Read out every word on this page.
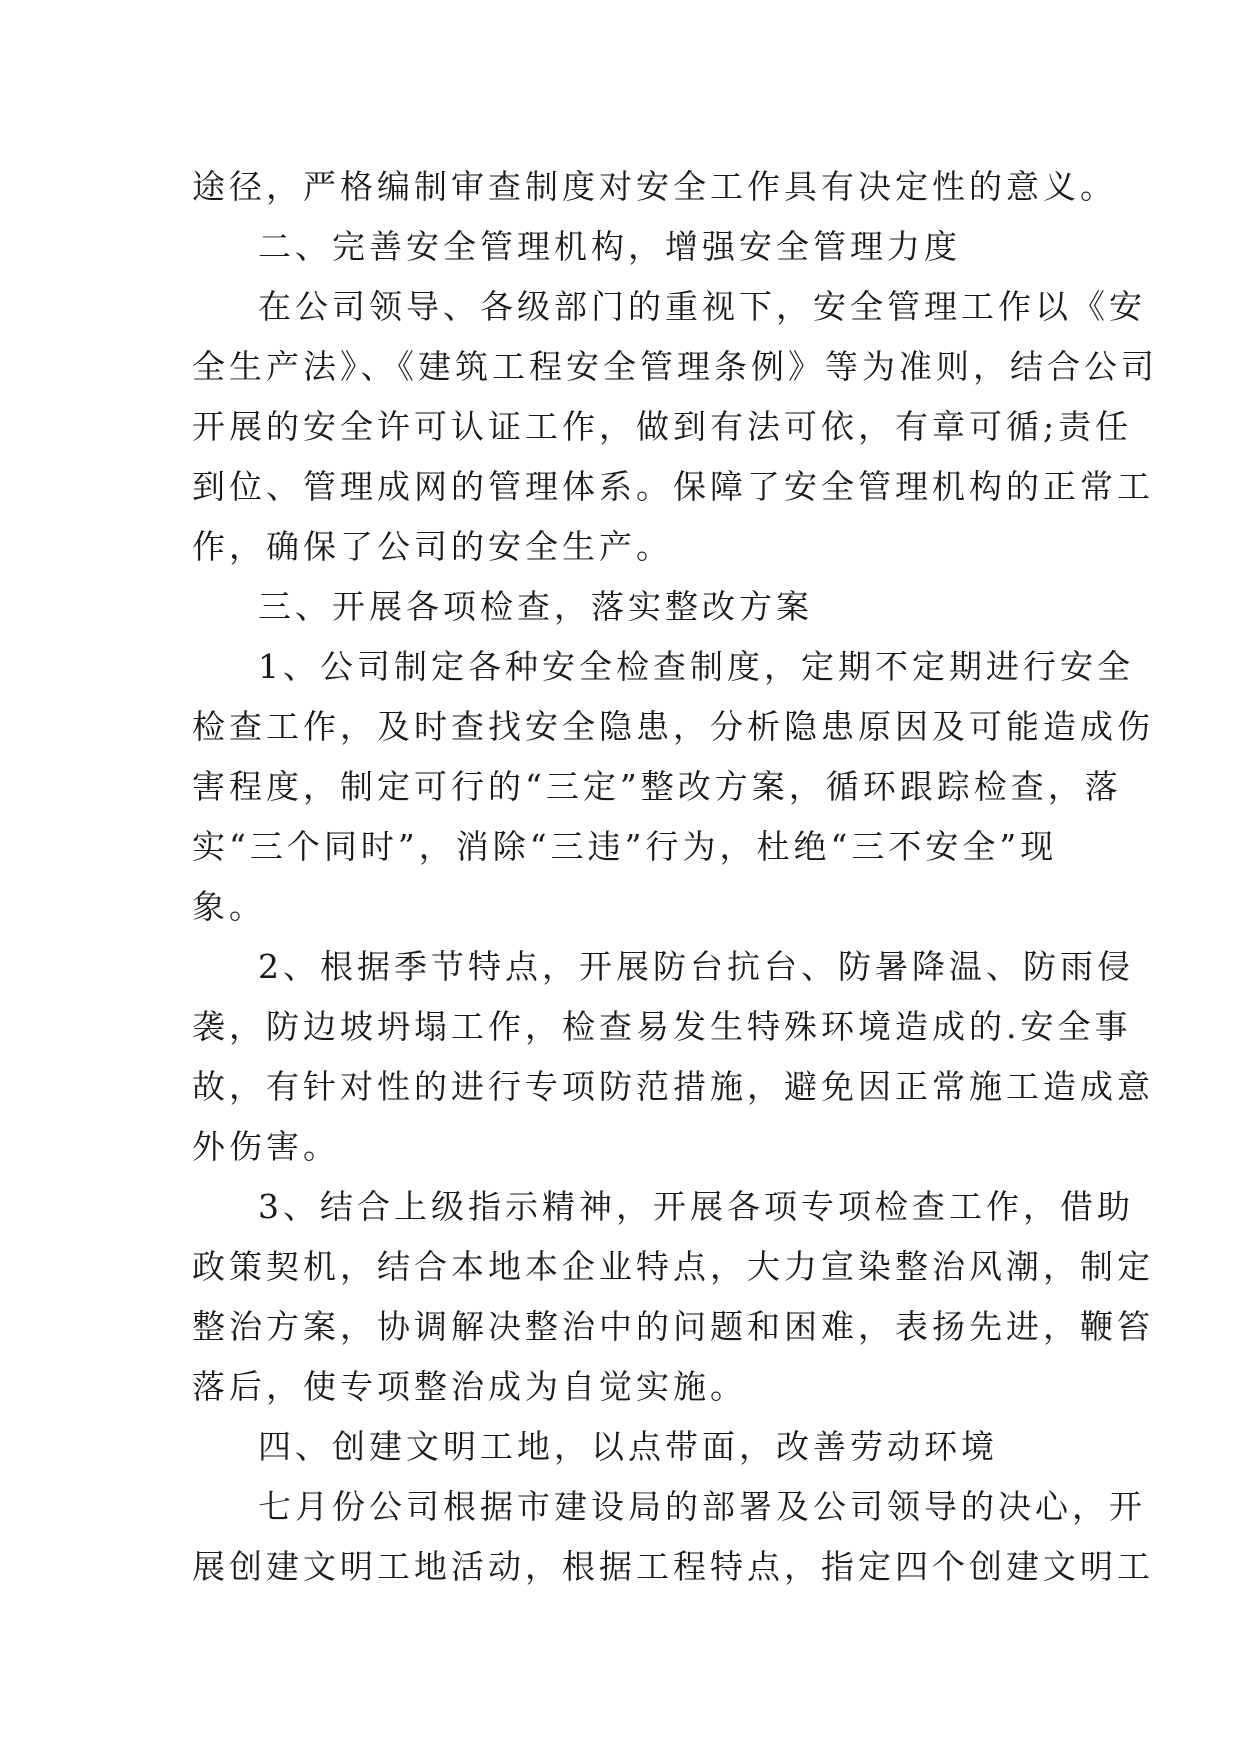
途径，严格编制审查制度对安全工作具有决定性的意义。
二、完善安全管理机构，增强安全管理力度
在公司领导、各级部门的重视下，安全管理工作以《安
全生产法》、《建筑工程安全管理条例》等为准则，结合公司
开展的安全许可认证工作，做到有法可依，有章可循;责任
到位、管理成网的管理体系。保障了安全管理机构的正常工
作，确保了公司的安全生产。
三、开展各项检查，落实整改方案
1、公司制定各种安全检查制度，定期不定期进行安全
检查工作，及时查找安全隐患，分析隐患原因及可能造成伤
害程度，制定可行的“三定”整改方案，循环跟踪检查，落
实“三个同时”，消除“三违”行为，杜绝“三不安全”现
象。
2、根据季节特点，开展防台抗台、防暑降温、防雨侵
袭，防边坡坍塌工作，检查易发生特殊环境造成的.安全事
故，有针对性的进行专项防范措施，避免因正常施工造成意
外伤害。
3、结合上级指示精神，开展各项专项检查工作，借助
政策契机，结合本地本企业特点，大力宣染整治风潮，制定
整治方案，协调解决整治中的问题和困难，表扬先进，鞭笞
落后，使专项整治成为自觉实施。
四、创建文明工地，以点带面，改善劳动环境
七月份公司根据市建设局的部署及公司领导的决心，开
展创建文明工地活动，根据工程特点，指定四个创建文明工
